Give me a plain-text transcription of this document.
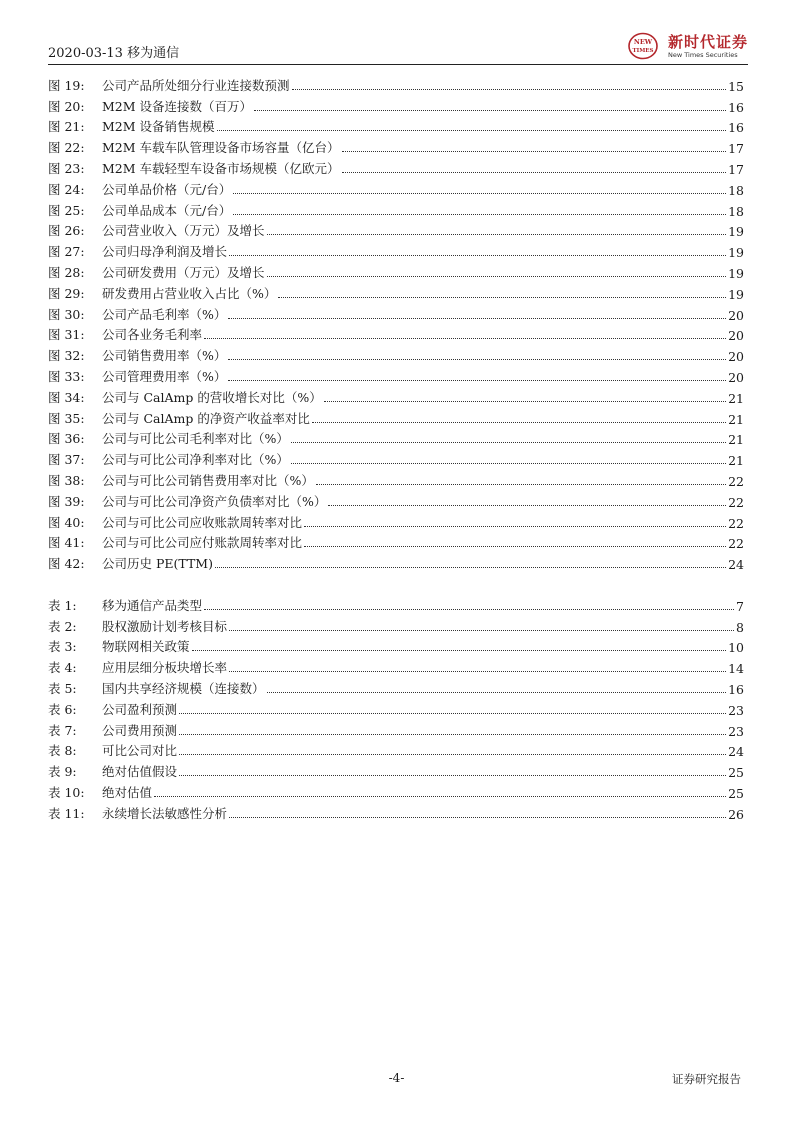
2020-03-13 移为通信
NEW
TIMES 新时代证券
New Times Securities
图 19:	公司产品所处细分行业连接数预测	15
图 20:	M2M 设备连接数（百万）	16
图 21:	M2M 设备销售规模	16
图 22:	M2M 车载车队管理设备市场容量（亿台）	17
图 23:	M2M 车载轻型车设备市场规模（亿欧元）	17
图 24:	公司单品价格（元/台）	18
图 25:	公司单品成本（元/台）	18
图 26:	公司营业收入（万元）及增长	19
图 27:	公司归母净利润及增长	19
图 28:	公司研发费用（万元）及增长	19
图 29:	研发费用占营业收入占比（%）	19
图 30:	公司产品毛利率（%）	20
图 31:	公司各业务毛利率	20
图 32:	公司销售费用率（%）	20
图 33:	公司管理费用率（%）	20
图 34:	公司与 CalAmp 的营收增长对比（%）	21
图 35:	公司与 CalAmp 的净资产收益率对比	21
图 36:	公司与可比公司毛利率对比（%）	21
图 37:	公司与可比公司净利率对比（%）	21
图 38:	公司与可比公司销售费用率对比（%）	22
图 39:	公司与可比公司净资产负债率对比（%）	22
图 40:	公司与可比公司应收账款周转率对比	22
图 41:	公司与可比公司应付账款周转率对比	22
图 42:	公司历史 PE(TTM)	24
表 1:	移为通信产品类型	7
表 2:	股权激励计划考核目标	8
表 3:	物联网相关政策	10
表 4:	应用层细分板块增长率	14
表 5:	国内共享经济规模（连接数）	16
表 6:	公司盈利预测	23
表 7:	公司费用预测	23
表 8:	可比公司对比	24
表 9:	绝对估值假设	25
表 10:	绝对估值	25
表 11:	永续增长法敏感性分析	26
-4-	证券研究报告
